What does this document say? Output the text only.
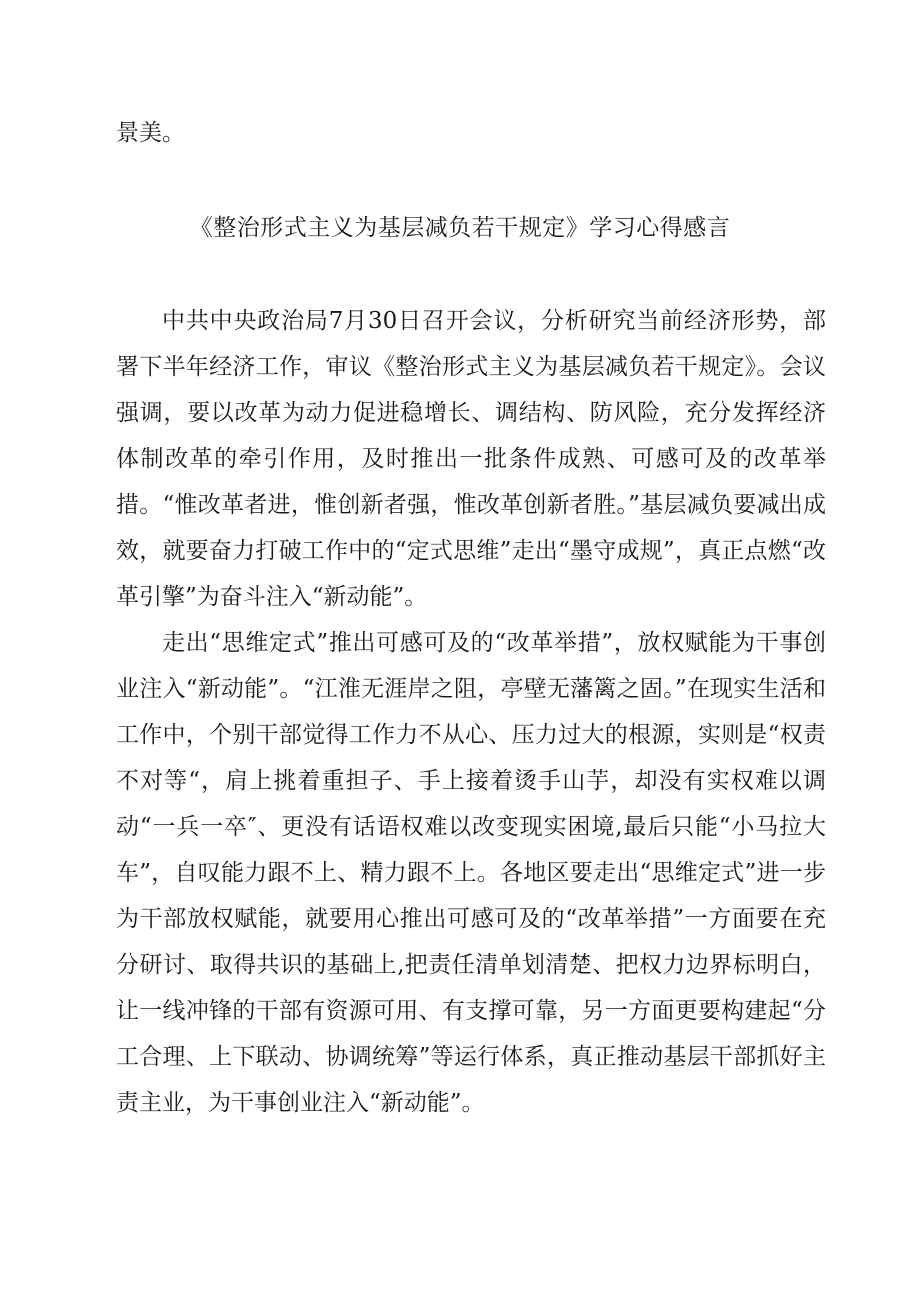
景美。

《整治形式主义为基层减负若干规定》学习心得感言

中共中央政治局7月30日召开会议，分析研究当前经济形势，部署下半年经济工作，审议《整治形式主义为基层减负若干规定》。会议强调，要以改革为动力促进稳增长、调结构、防风险，充分发挥经济体制改革的牵引作用，及时推出一批条件成熟、可感可及的改革举措。“惟改革者进，惟创新者强，惟改革创新者胜。”基层减负要减出成效，就要奋力打破工作中的“定式思维”走出“墨守成规”，真正点燃“改革引擎”为奋斗注入“新动能”。

走出“思维定式”推出可感可及的“改革举措”，放权赋能为干事创业注入“新动能”。“江淮无涯岸之阻，亭壁无藩篱之固。”在现实生活和工作中，个别干部觉得工作力不从心、压力过大的根源，实则是“权责不对等“，肩上挑着重担子、手上接着烫手山芋，却没有实权难以调动“一兵一卒″、更没有话语权难以改变现实困境,最后只能“小马拉大车”，自叹能力跟不上、精力跟不上。各地区要走出“思维定式”进一步为干部放权赋能，就要用心推出可感可及的“改革举措”一方面要在充分研讨、取得共识的基础上,把责任清单划清楚、把权力边界标明白，让一线冲锋的干部有资源可用、有支撑可靠，另一方面更要构建起“分工合理、上下联动、协调统筹”等运行体系，真正推动基层干部抓好主责主业，为干事创业注入“新动能”。
